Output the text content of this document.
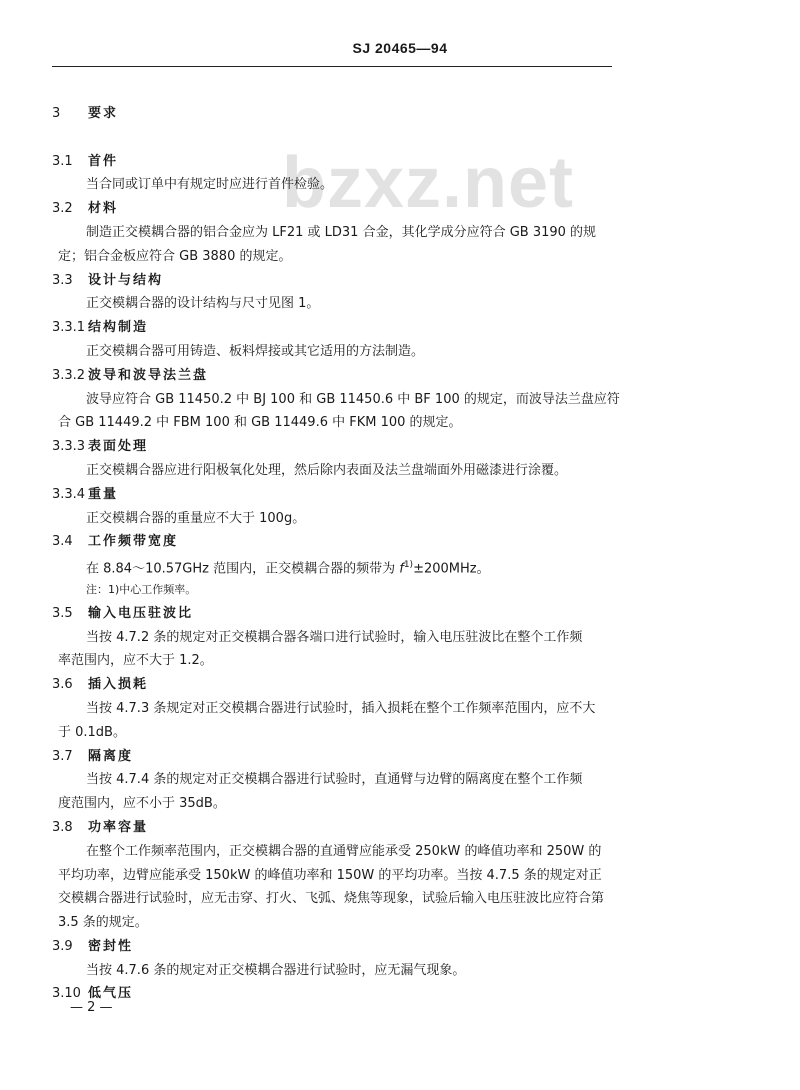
SJ 20465—94
bzxz.net
3 要求
3.1 首件
当合同或订单中有规定时应进行首件检验。
3.2 材料
制造正交模耦合器的铝合金应为 LF21 或 LD31 合金，其化学成分应符合 GB 3190 的规
定；铝合金板应符合 GB 3880 的规定。
3.3 设计与结构
正交模耦合器的设计结构与尺寸见图 1。
3.3.1 结构制造
正交模耦合器可用铸造、板料焊接或其它适用的方法制造。
3.3.2 波导和波导法兰盘
波导应符合 GB 11450.2 中 BJ 100 和 GB 11450.6 中 BF 100 的规定，而波导法兰盘应符
合 GB 11449.2 中 FBM 100 和 GB 11449.6 中 FKM 100 的规定。
3.3.3 表面处理
正交模耦合器应进行阳极氧化处理，然后除内表面及法兰盘端面外用磁漆进行涂覆。
3.3.4 重量
正交模耦合器的重量应不大于 100g。
3.4 工作频带宽度
在 8.84～10.57GHz 范围内，正交模耦合器的频带为 $f^{1)}\pm 200MHz$。
注：1)中心工作频率。
3.5 输入电压驻波比
当按 4.7.2 条的规定对正交模耦合器各端口进行试验时，输入电压驻波比在整个工作频
率范围内，应不大于 1.2。
3.6 插入损耗
当按 4.7.3 条规定对正交模耦合器进行试验时，插入损耗在整个工作频率范围内，应不大
于 0.1dB。
3.7 隔离度
当按 4.7.4 条的规定对正交模耦合器进行试验时，直通臂与边臂的隔离度在整个工作频
度范围内，应不小于 35dB。
3.8 功率容量
在整个工作频率范围内，正交模耦合器的直通臂应能承受 250kW 的峰值功率和 250W 的
平均功率，边臂应能承受 150kW 的峰值功率和 150W 的平均功率。当按 4.7.5 条的规定对正
交模耦合器进行试验时，应无击穿、打火、飞弧、烧焦等现象，试验后输入电压驻波比应符合第
3.5 条的规定。
3.9 密封性
当按 4.7.6 条的规定对正交模耦合器进行试验时，应无漏气现象。
3.10 低气压
— 2 —
